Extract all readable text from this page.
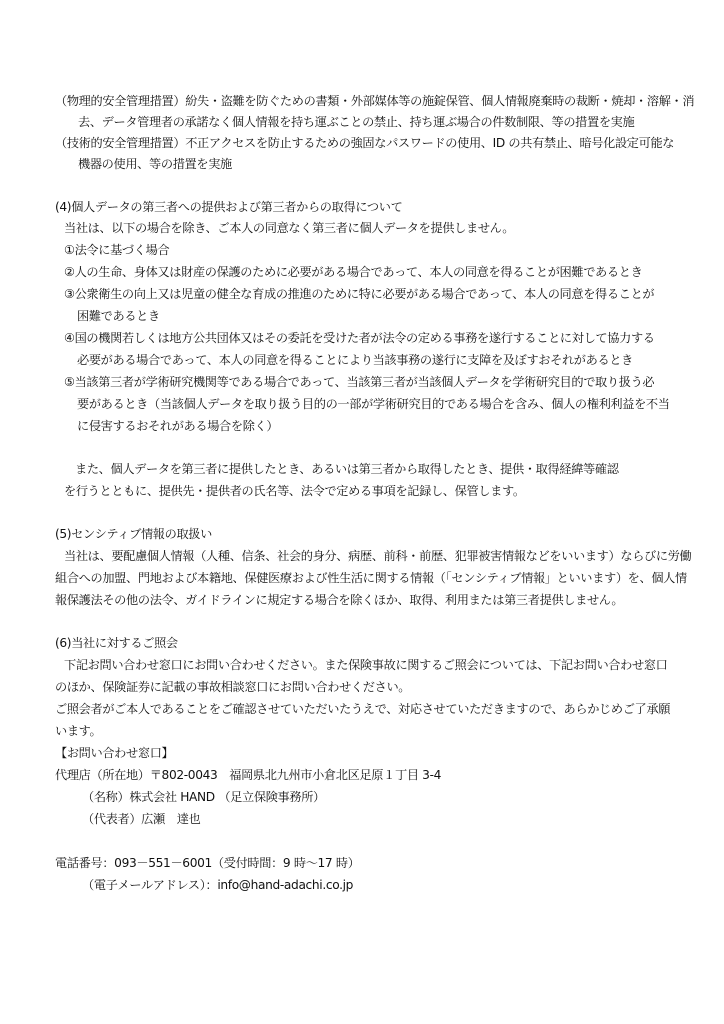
（物理的安全管理措置）紛失・盗難を防ぐための書類・外部媒体等の施錠保管、個人情報廃棄時の裁断・焼却・溶解・消
去、データ管理者の承諾なく個人情報を持ち運ぶことの禁止、持ち運ぶ場合の件数制限、等の措置を実施
（技術的安全管理措置）不正アクセスを防止するための強固なパスワードの使用、ID の共有禁止、暗号化設定可能な
機器の使用、等の措置を実施
(4)個人データの第三者への提供および第三者からの取得について
当社は、以下の場合を除き、ご本人の同意なく第三者に個人データを提供しません。
①法令に基づく場合
②人の生命、身体又は財産の保護のために必要がある場合であって、本人の同意を得ることが困難であるとき
③公衆衛生の向上又は児童の健全な育成の推進のために特に必要がある場合であって、本人の同意を得ることが
困難であるとき
④国の機関若しくは地方公共団体又はその委託を受けた者が法令の定める事務を遂行することに対して協力する
必要がある場合であって、本人の同意を得ることにより当該事務の遂行に支障を及ぼすおそれがあるとき
⑤当該第三者が学術研究機関等である場合であって、当該第三者が当該個人データを学術研究目的で取り扱う必
要があるとき（当該個人データを取り扱う目的の一部が学術研究目的である場合を含み、個人の権利利益を不当
に侵害するおそれがある場合を除く）
また、個人データを第三者に提供したとき、あるいは第三者から取得したとき、提供・取得経緯等確認
を行うとともに、提供先・提供者の氏名等、法令で定める事項を記録し、保管します。
(5)センシティブ情報の取扱い
当社は、要配慮個人情報（人種、信条、社会的身分、病歴、前科・前歴、犯罪被害情報などをいいます）ならびに労働
組合への加盟、門地および本籍地、保健医療および性生活に関する情報（「センシティブ情報」といいます）を、個人情
報保護法その他の法令、ガイドラインに規定する場合を除くほか、取得、利用または第三者提供しません。
(6)当社に対するご照会
下記お問い合わせ窓口にお問い合わせください。また保険事故に関するご照会については、下記お問い合わせ窓口
のほか、保険証券に記載の事故相談窓口にお問い合わせください。
ご照会者がご本人であることをご確認させていただいたうえで、対応させていただきますので、あらかじめご了承願
います。
【お問い合わせ窓口】
代理店（所在地）〒802-0043　福岡県北九州市小倉北区足原１丁目 3-4
（名称）株式会社 HAND （足立保険事務所）
（代表者）広瀬　達也
電話番号：093－551－6001（受付時間：9 時～17 時）
（電子メールアドレス）：info@hand-adachi.co.jp
